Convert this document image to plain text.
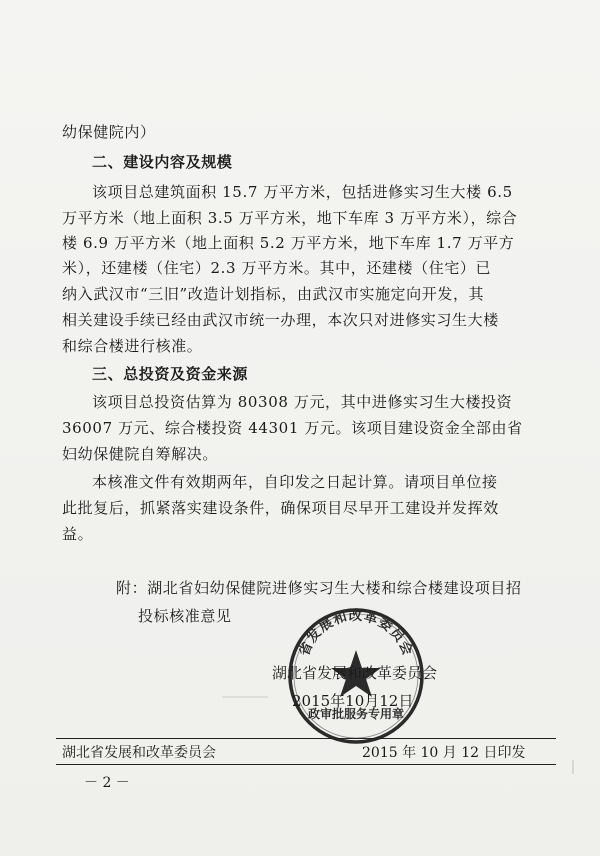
幼保健院内）
二、建设内容及规模
该项目总建筑面积 15.7 万平方米，包括进修实习生大楼 6.5
万平方米（地上面积 3.5 万平方米，地下车库 3 万平方米），综合
楼 6.9 万平方米（地上面积 5.2 万平方米，地下车库 1.7 万平方
米），还建楼（住宅）2.3 万平方米。其中，还建楼（住宅）已
纳入武汉市“三旧”改造计划指标，由武汉市实施定向开发，其
相关建设手续已经由武汉市统一办理，本次只对进修实习生大楼
和综合楼进行核准。
三、总投资及资金来源
该项目总投资估算为 80308 万元，其中进修实习生大楼投资
36007 万元、综合楼投资 44301 万元。该项目建设资金全部由省
妇幼保健院自筹解决。
本核准文件有效期两年，自印发之日起计算。请项目单位接
此批复后，抓紧落实建设条件，确保项目尽早开工建设并发挥效
益。
附：湖北省妇幼保健院进修实习生大楼和综合楼建设项目招
投标核准意见
省发展和改革委员会
政审批服务专用章
湖北省发展和改革委员会
2015年10月12日
湖北省发展和改革委员会	2015 年 10 月 12 日印发
－ 2 －
